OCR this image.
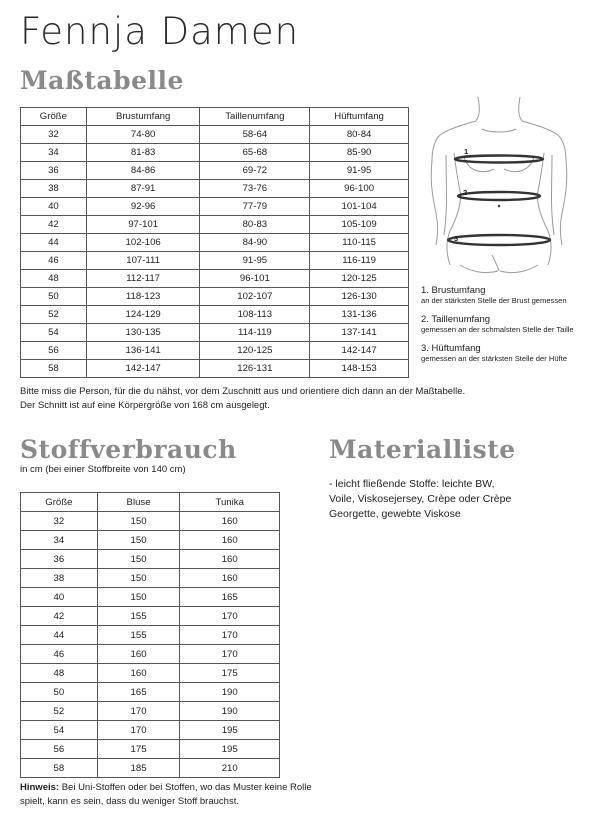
Fennja Damen
Maßtabelle
Größe	Brustumfang	Taillenumfang	Hüftumfang
32	74-80	58-64	80-84
34	81-83	65-68	85-90
36	84-86	69-72	91-95
38	87-91	73-76	96-100
40	92-96	77-79	101-104
42	97-101	80-83	105-109
44	102-106	84-90	110-115
46	107-111	91-95	116-119
48	112-117	96-101	120-125
50	118-123	102-107	126-130
52	124-129	108-113	131-136
54	130-135	114-119	137-141
56	136-141	120-125	142-147
58	142-147	126-131	148-153
Bitte miss die Person, für die du nähst, vor dem Zuschnitt aus und orientiere dich dann an der Maßtabelle.
Der Schnitt ist auf eine Körpergröße von 168 cm ausgelegt.
1
2
3
1. Brustumfang
an der stärksten Stelle der Brust gemessen
2. Taillenumfang
gemessen an der schmalsten Stelle der Taille
3. Hüftumfang
gemessen an der stärksten Stelle der Hüfte
Stoffverbrauch
in cm (bei einer Stoffbreite von 140 cm)
Größe	Bluse	Tunika
32	150	160
34	150	160
36	150	160
38	150	160
40	150	165
42	155	170
44	155	170
46	160	170
48	160	175
50	165	190
52	170	190
54	170	195
56	175	195
58	185	210
Hinweis: Bei Uni-Stoffen oder bei Stoffen, wo das Muster keine Rolle
spielt, kann es sein, dass du weniger Stoff brauchst.
Materialliste
- leicht fließende Stoffe: leichte BW,
Voile, Viskosejersey, Crèpe oder Crèpe
Georgette, gewebte Viskose
